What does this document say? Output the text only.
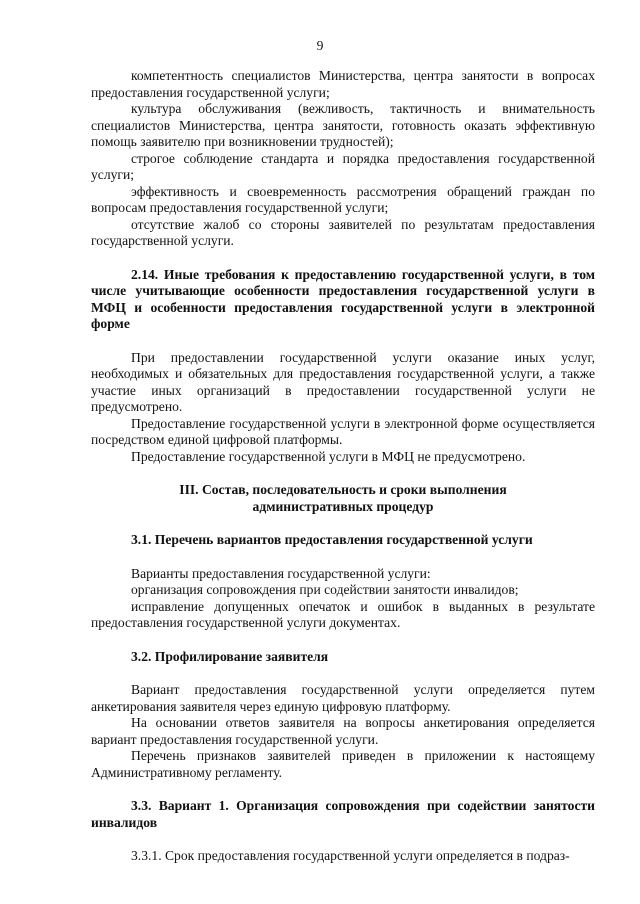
9

компетентность специалистов Министерства, центра занятости в вопросах предоставления государственной услуги;

культура обслуживания (вежливость, тактичность и внимательность специалистов Министерства, центра занятости, готовность оказать эффективную помощь заявителю при возникновении трудностей);

строгое соблюдение стандарта и порядка предоставления государственной услуги;

эффективность и своевременность рассмотрения обращений граждан по вопросам предоставления государственной услуги;

отсутствие жалоб со стороны заявителей по результатам предоставления государственной услуги.

2.14. Иные требования к предоставлению государственной услуги, в том числе учитывающие особенности предоставления государственной услуги в МФЦ и особенности предоставления государственной услуги в электронной форме

При предоставлении государственной услуги оказание иных услуг, необходимых и обязательных для предоставления государственной услуги, а также участие иных организаций в предоставлении государственной услуги не предусмотрено.

Предоставление государственной услуги в электронной форме осуществляется посредством единой цифровой платформы.

Предоставление государственной услуги в МФЦ не предусмотрено.

III. Состав, последовательность и сроки выполнения

административных процедур

3.1. Перечень вариантов предоставления государственной услуги

Варианты предоставления государственной услуги:

организация сопровождения при содействии занятости инвалидов;

исправление допущенных опечаток и ошибок в выданных в результате предоставления государственной услуги документах.

3.2. Профилирование заявителя

Вариант предоставления государственной услуги определяется путем анкетирования заявителя через единую цифровую платформу.

На основании ответов заявителя на вопросы анкетирования определяется вариант предоставления государственной услуги.

Перечень признаков заявителей приведен в приложении к настоящему Административному регламенту.

3.3. Вариант 1. Организация сопровождения при содействии занятости инвалидов

3.3.1. Срок предоставления государственной услуги определяется в подраз-
